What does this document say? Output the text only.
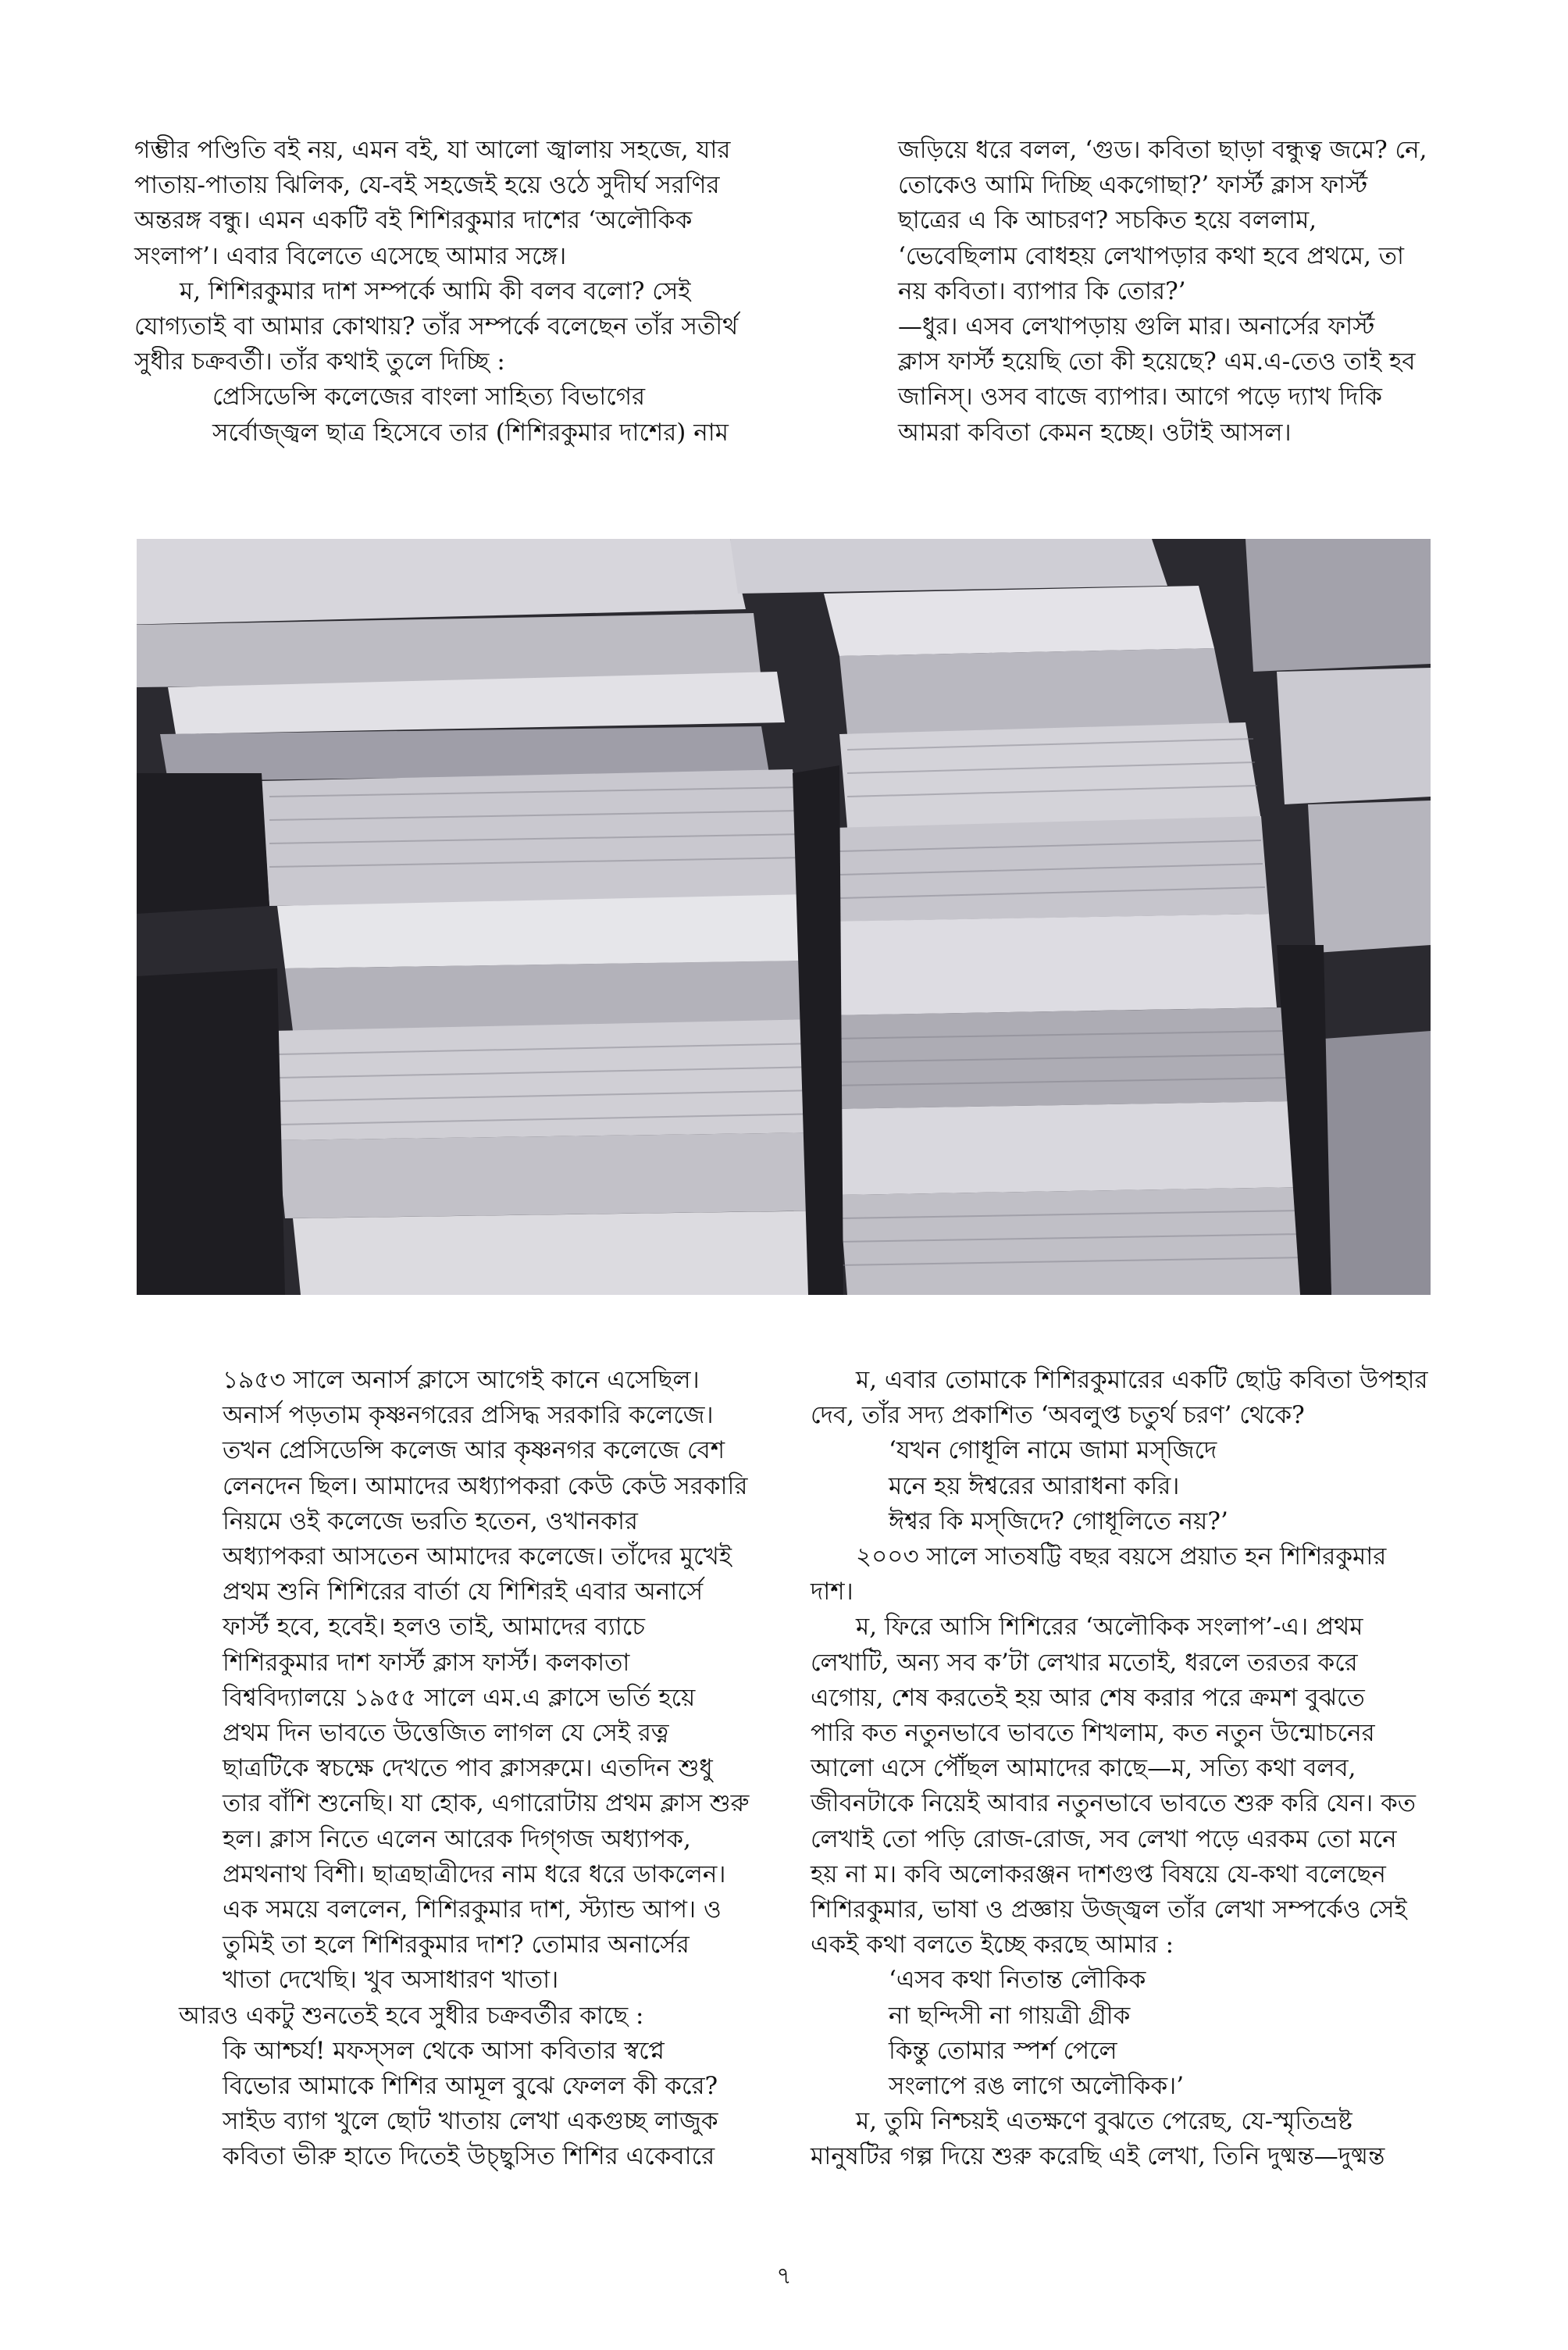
গম্ভীর পণ্ডিতি বই নয়, এমন বই, যা আলো জ্বালায় সহজে, যার

পাতায়-পাতায় ঝিলিক, যে-বই সহজেই হয়ে ওঠে সুদীর্ঘ সরণির

অন্তরঙ্গ বন্ধু। এমন একটি বই শিশিরকুমার দাশের ‘অলৌকিক

সংলাপ’। এবার বিলেতে এসেছে আমার সঙ্গে।

ম, শিশিরকুমার দাশ সম্পর্কে আমি কী বলব বলো? সেই

যোগ্যতাই বা আমার কোথায়? তাঁর সম্পর্কে বলেছেন তাঁর সতীর্থ

সুধীর চক্রবর্তী। তাঁর কথাই তুলে দিচ্ছি :

প্রেসিডেন্সি কলেজের বাংলা সাহিত্য বিভাগের

সর্বোজ্জ্বল ছাত্র হিসেবে তার (শিশিরকুমার দাশের) নাম

জড়িয়ে ধরে বলল, ‘গুড। কবিতা ছাড়া বন্ধুত্ব জমে? নে,

তোকেও আমি দিচ্ছি একগোছা?’ ফার্স্ট ক্লাস ফার্স্ট

ছাত্রের এ কি আচরণ? সচকিত হয়ে বললাম,

‘ভেবেছিলাম বোধহয় লেখাপড়ার কথা হবে প্রথমে, তা

নয় কবিতা। ব্যাপার কি তোর?’

—ধুর। এসব লেখাপড়ায় গুলি মার। অনার্সের ফার্স্ট

ক্লাস ফার্স্ট হয়েছি তো কী হয়েছে? এম.এ-তেও তাই হব

জানিস্‌। ওসব বাজে ব্যাপার। আগে পড়ে দ্যাখ দিকি

আমরা কবিতা কেমন হচ্ছে। ওটাই আসল।

১৯৫৩ সালে অনার্স ক্লাসে আগেই কানে এসেছিল।

অনার্স পড়তাম কৃষ্ণনগরের প্রসিদ্ধ সরকারি কলেজে।

তখন প্রেসিডেন্সি কলেজ আর কৃষ্ণনগর কলেজে বেশ

লেনদেন ছিল। আমাদের অধ্যাপকরা কেউ কেউ সরকারি

নিয়মে ওই কলেজে ভরতি হতেন, ওখানকার

অধ্যাপকরা আসতেন আমাদের কলেজে। তাঁদের মুখেই

প্রথম শুনি শিশিরের বার্তা যে শিশিরই এবার অনার্সে

ফার্স্ট হবে, হবেই। হলও তাই, আমাদের ব্যাচে

শিশিরকুমার দাশ ফার্স্ট ক্লাস ফার্স্ট। কলকাতা

বিশ্ববিদ্যালয়ে ১৯৫৫ সালে এম.এ ক্লাসে ভর্তি হয়ে

প্রথম দিন ভাবতে উত্তেজিত লাগল যে সেই রত্ন

ছাত্রটিকে স্বচক্ষে দেখতে পাব ক্লাসরুমে। এতদিন শুধু

তার বাঁশি শুনেছি। যা হোক, এগারোটায় প্রথম ক্লাস শুরু

হল। ক্লাস নিতে এলেন আরেক দিগ্‌গজ অধ্যাপক,

প্রমথনাথ বিশী। ছাত্রছাত্রীদের নাম ধরে ধরে ডাকলেন।

এক সময়ে বললেন, শিশিরকুমার দাশ, স্ট্যান্ড আপ। ও

তুমিই তা হলে শিশিরকুমার দাশ? তোমার অনার্সের

খাতা দেখেছি। খুব অসাধারণ খাতা।

আরও একটু শুনতেই হবে সুধীর চক্রবর্তীর কাছে :

কি আশ্চর্য! মফস্‌সল থেকে আসা কবিতার স্বপ্নে

বিভোর আমাকে শিশির আমূল বুঝে ফেলল কী করে?

সাইড ব্যাগ খুলে ছোট খাতায় লেখা একগুচ্ছ লাজুক

কবিতা ভীরু হাতে দিতেই উচ্ছ্বসিত শিশির একেবারে

ম, এবার তোমাকে শিশিরকুমারের একটি ছোট্ট কবিতা উপহার

দেব, তাঁর সদ্য প্রকাশিত ‘অবলুপ্ত চতুর্থ চরণ’ থেকে?

‘যখন গোধূলি নামে জামা মস্‌জিদে

মনে হয় ঈশ্বরের আরাধনা করি।

ঈশ্বর কি মস্‌জিদে? গোধূলিতে নয়?’

২০০৩ সালে সাতষট্টি বছর বয়সে প্রয়াত হন শিশিরকুমার

দাশ।

ম, ফিরে আসি শিশিরের ‘অলৌকিক সংলাপ’-এ। প্রথম

লেখাটি, অন্য সব ক’টা লেখার মতোই, ধরলে তরতর করে

এগোয়, শেষ করতেই হয় আর শেষ করার পরে ক্রমশ বুঝতে

পারি কত নতুনভাবে ভাবতে শিখলাম, কত নতুন উন্মোচনের

আলো এসে পৌঁছল আমাদের কাছে—ম, সত্যি কথা বলব,

জীবনটাকে নিয়েই আবার নতুনভাবে ভাবতে শুরু করি যেন। কত

লেখাই তো পড়ি রোজ-রোজ, সব লেখা পড়ে এরকম তো মনে

হয় না ম। কবি অলোকরঞ্জন দাশগুপ্ত বিষয়ে যে-কথা বলেছেন

শিশিরকুমার, ভাষা ও প্রজ্ঞায় উজ্জ্বল তাঁর লেখা সম্পর্কেও সেই

একই কথা বলতে ইচ্ছে করছে আমার :

‘এসব কথা নিতান্ত লৌকিক

না ছন্দিসী না গায়ত্রী গ্রীক

কিন্তু তোমার স্পর্শ পেলে

সংলাপে রঙ লাগে অলৌকিক।’

ম, তুমি নিশ্চয়ই এতক্ষণে বুঝতে পেরেছ, যে-স্মৃতিভ্রষ্ট

মানুষটির গল্প দিয়ে শুরু করেছি এই লেখা, তিনি দুষ্মন্ত—দুষ্মন্ত

৭
